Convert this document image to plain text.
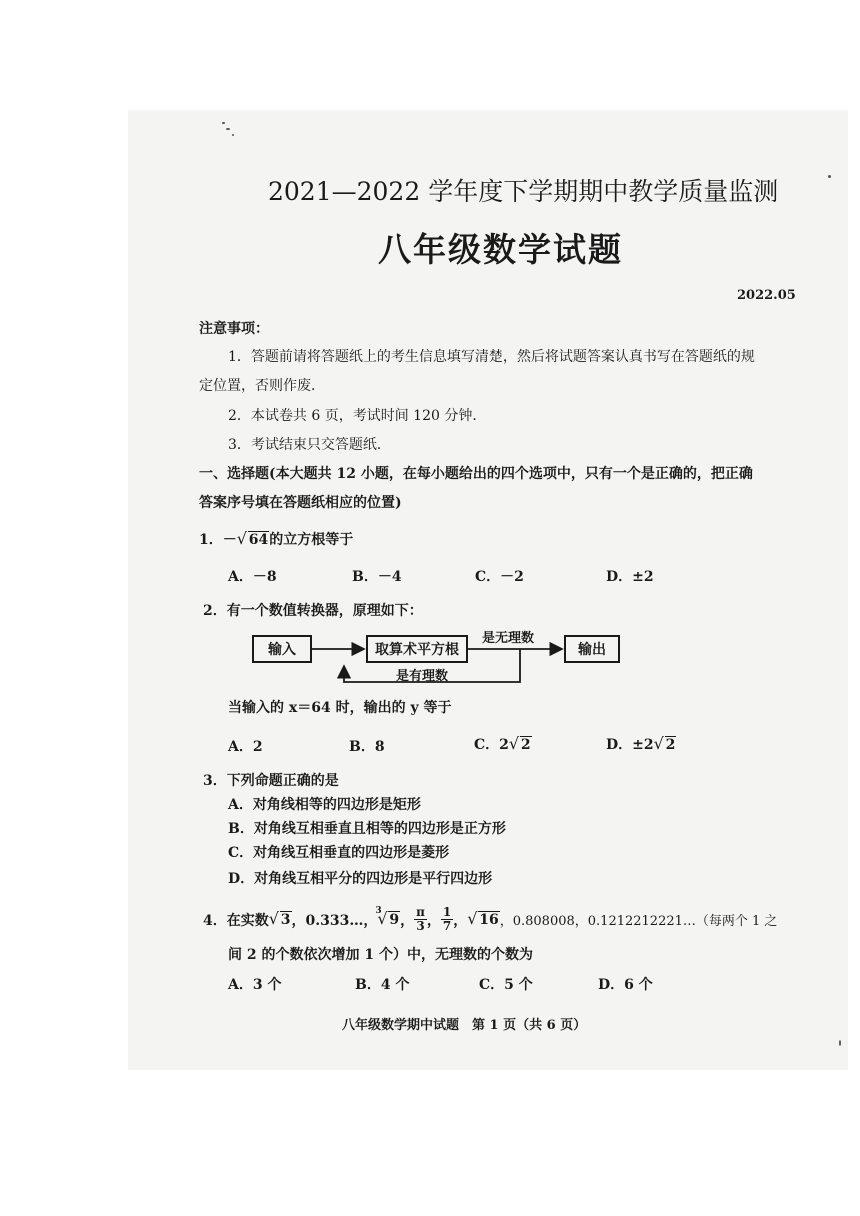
2021—2022 学年度下学期期中教学质量监测
八年级数学试题
2022.05
注意事项：
1．答题前请将答题纸上的考生信息填写清楚，然后将试题答案认真书写在答题纸的规
定位置，否则作废．
2．本试卷共 6 页，考试时间 120 分钟．
3．考试结束只交答题纸．
一、选择题(本大题共 12 小题，在每小题给出的四个选项中，只有一个是正确的，把正确
答案序号填在答题纸相应的位置)
1．－ √ 64的立方根等于
A．－8	B．－4	C．－2	D．±2
2．有一个数值转换器，原理如下：
输入	取算术平方根	输出
是无理数
是有理数
当输入的 x＝64 时，输出的 y 等于
A．2	B．8	C．2 √ 2	D．±2 √ 2
3．下列命题正确的是
A．对角线相等的四边形是矩形
B．对角线互相垂直且相等的四边形是正方形
C．对角线互相垂直的四边形是菱形
D．对角线互相平分的四边形是平行四边形
4．在实数 √ 3 ，0.333…，
3
√ 9 ， $\frac{\pi}{3}$ ， $\frac{1}{7}$ ， √ 16 ，0.808008，0.1212212221…（每两个 1 之
间 2 的个数依次增加 1 个）中，无理数的个数为
A．3 个	B．4 个	C．5 个	D．6 个
八年级数学期中试题　第 1 页（共 6 页）
